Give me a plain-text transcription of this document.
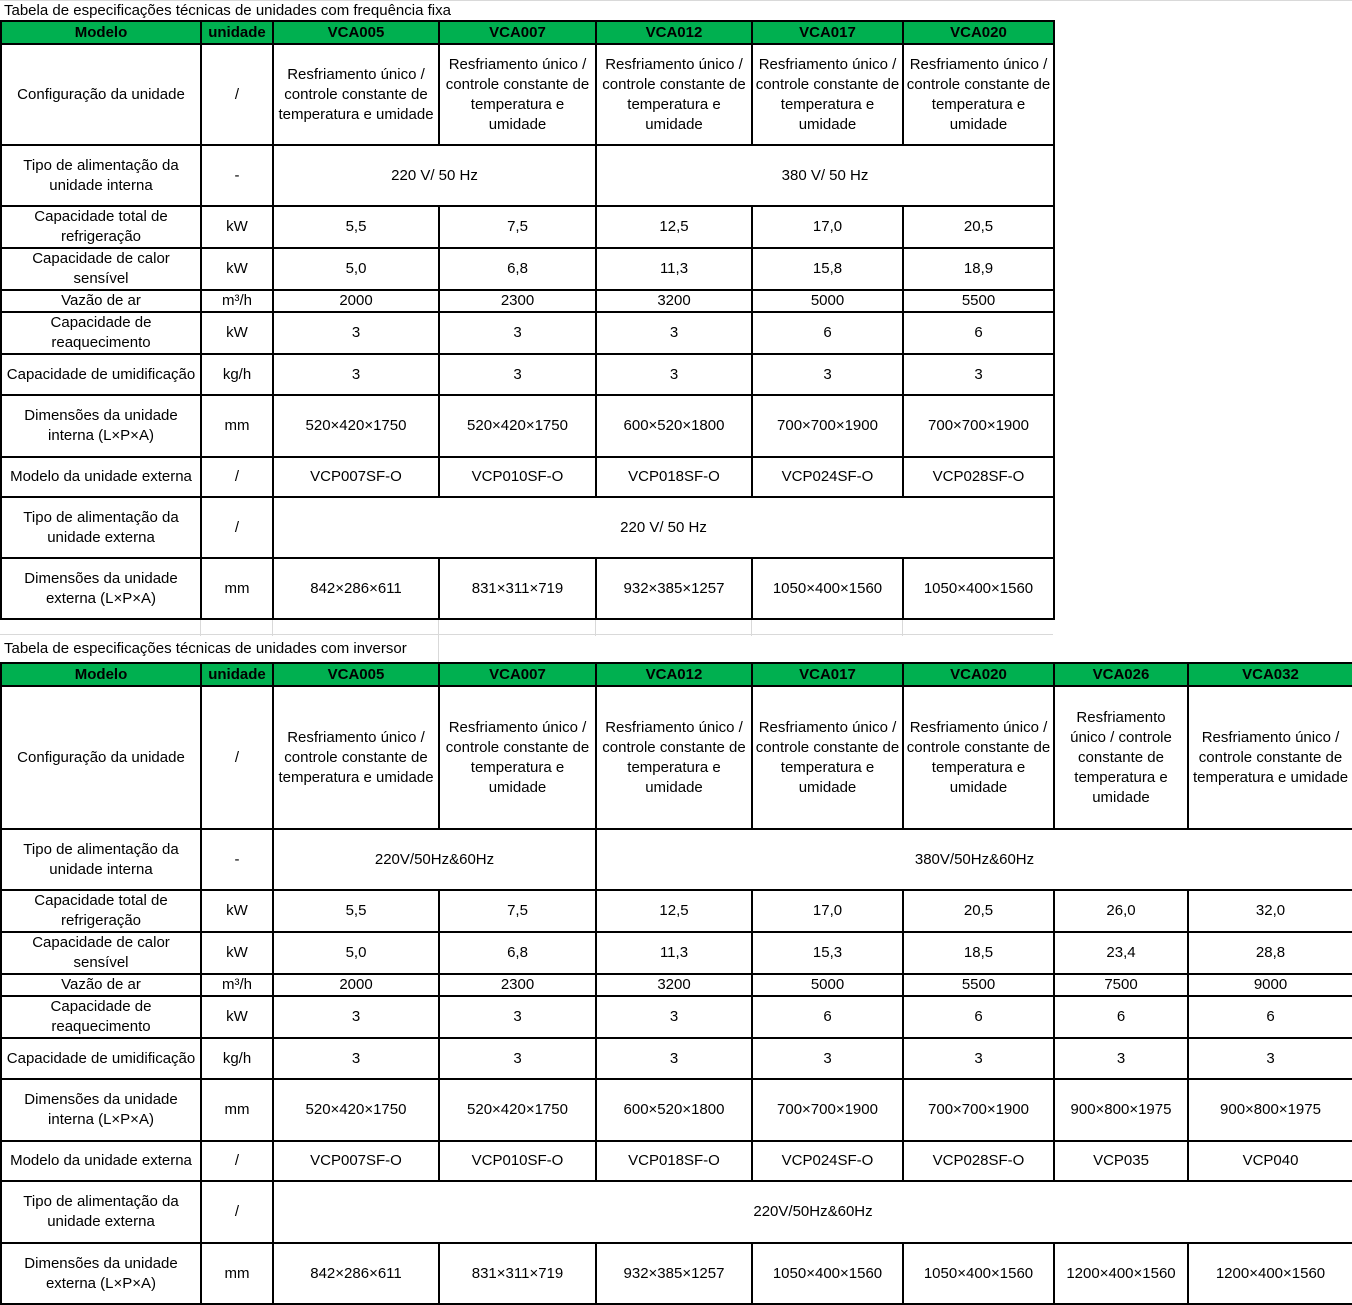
Tabela de especificações técnicas de unidades com frequência fixa
Modelo	unidade	VCA005	VCA007	VCA012	VCA017	VCA020
Configuração da unidade	/	Resfriamento único / controle constante de temperatura e umidade	Resfriamento único / controle constante de temperatura e umidade	Resfriamento único / controle constante de temperatura e umidade	Resfriamento único / controle constante de temperatura e umidade	Resfriamento único / controle constante de temperatura e umidade
Tipo de alimentação da unidade interna	-	220 V/ 50 Hz		380 V/ 50 Hz		
Capacidade total de refrigeração	kW	5,5	7,5	12,5	17,0	20,5
Capacidade de calor sensível	kW	5,0	6,8	11,3	15,8	18,9
Vazão de ar	m³/h	2000	2300	3200	5000	5500
Capacidade de reaquecimento	kW	3	3	3	6	6
Capacidade de umidificação	kg/h	3	3	3	3	3
Dimensões da unidade interna (L×P×A)	mm	520×420×1750	520×420×1750	600×520×1800	700×700×1900	700×700×1900
Modelo da unidade externa	/	VCP007SF-O	VCP010SF-O	VCP018SF-O	VCP024SF-O	VCP028SF-O
Tipo de alimentação da unidade externa	/	220 V/ 50 Hz				
Dimensões da unidade externa (L×P×A)	mm	842×286×611	831×311×719	932×385×1257	1050×400×1560	1050×400×1560
Tabela de especificações técnicas de unidades com inversor
Modelo	unidade	VCA005	VCA007	VCA012	VCA017	VCA020	VCA026	VCA032
Configuração da unidade	/	Resfriamento único / controle constante de temperatura e umidade	Resfriamento único / controle constante de temperatura e umidade	Resfriamento único / controle constante de temperatura e umidade	Resfriamento único / controle constante de temperatura e umidade	Resfriamento único / controle constante de temperatura e umidade	Resfriamento único / controle constante de temperatura e umidade	Resfriamento único / controle constante de temperatura e umidade
Tipo de alimentação da unidade interna	-	220V/50Hz&60Hz		380V/50Hz&60Hz				
Capacidade total de refrigeração	kW	5,5	7,5	12,5	17,0	20,5	26,0	32,0
Capacidade de calor sensível	kW	5,0	6,8	11,3	15,3	18,5	23,4	28,8
Vazão de ar	m³/h	2000	2300	3200	5000	5500	7500	9000
Capacidade de reaquecimento	kW	3	3	3	6	6	6	6
Capacidade de umidificação	kg/h	3	3	3	3	3	3	3
Dimensões da unidade interna (L×P×A)	mm	520×420×1750	520×420×1750	600×520×1800	700×700×1900	700×700×1900	900×800×1975	900×800×1975
Modelo da unidade externa	/	VCP007SF-O	VCP010SF-O	VCP018SF-O	VCP024SF-O	VCP028SF-O	VCP035	VCP040
Tipo de alimentação da unidade externa	/	220V/50Hz&60Hz						
Dimensões da unidade externa (L×P×A)	mm	842×286×611	831×311×719	932×385×1257	1050×400×1560	1050×400×1560	1200×400×1560	1200×400×1560
